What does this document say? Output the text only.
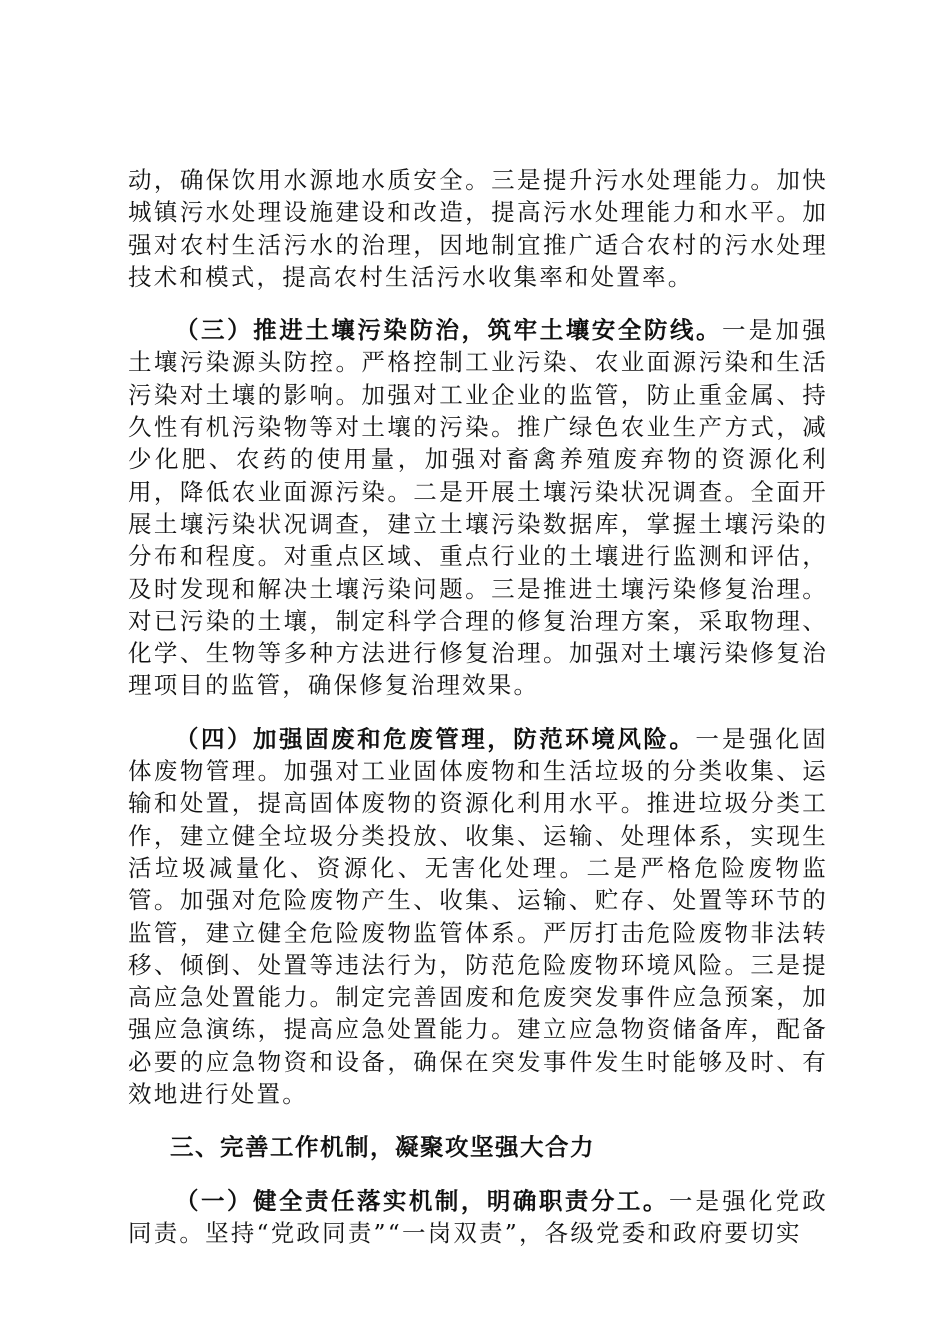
动，确保饮用水源地水质安全。三是提升污水处理能力。加快城镇污水处理设施建设和改造，提高污水处理能力和水平。加强对农村生活污水的治理，因地制宜推广适合农村的污水处理技术和模式，提高农村生活污水收集率和处置率。

（三）推进土壤污染防治，筑牢土壤安全防线。一是加强土壤污染源头防控。严格控制工业污染、农业面源污染和生活污染对土壤的影响。加强对工业企业的监管，防止重金属、持久性有机污染物等对土壤的污染。推广绿色农业生产方式，减少化肥、农药的使用量，加强对畜禽养殖废弃物的资源化利用，降低农业面源污染。二是开展土壤污染状况调查。全面开展土壤污染状况调查，建立土壤污染数据库，掌握土壤污染的分布和程度。对重点区域、重点行业的土壤进行监测和评估，及时发现和解决土壤污染问题。三是推进土壤污染修复治理。对已污染的土壤，制定科学合理的修复治理方案，采取物理、化学、生物等多种方法进行修复治理。加强对土壤污染修复治理项目的监管，确保修复治理效果。

（四）加强固废和危废管理，防范环境风险。一是强化固体废物管理。加强对工业固体废物和生活垃圾的分类收集、运输和处置，提高固体废物的资源化利用水平。推进垃圾分类工作，建立健全垃圾分类投放、收集、运输、处理体系，实现生活垃圾减量化、资源化、无害化处理。二是严格危险废物监管。加强对危险废物产生、收集、运输、贮存、处置等环节的监管，建立健全危险废物监管体系。严厉打击危险废物非法转移、倾倒、处置等违法行为，防范危险废物环境风险。三是提高应急处置能力。制定完善固废和危废突发事件应急预案，加强应急演练，提高应急处置能力。建立应急物资储备库，配备必要的应急物资和设备，确保在突发事件发生时能够及时、有效地进行处置。

三、完善工作机制，凝聚攻坚强大合力

（一）健全责任落实机制，明确职责分工。一是强化党政同责。坚持“党政同责”“一岗双责”，各级党委和政府要切实
